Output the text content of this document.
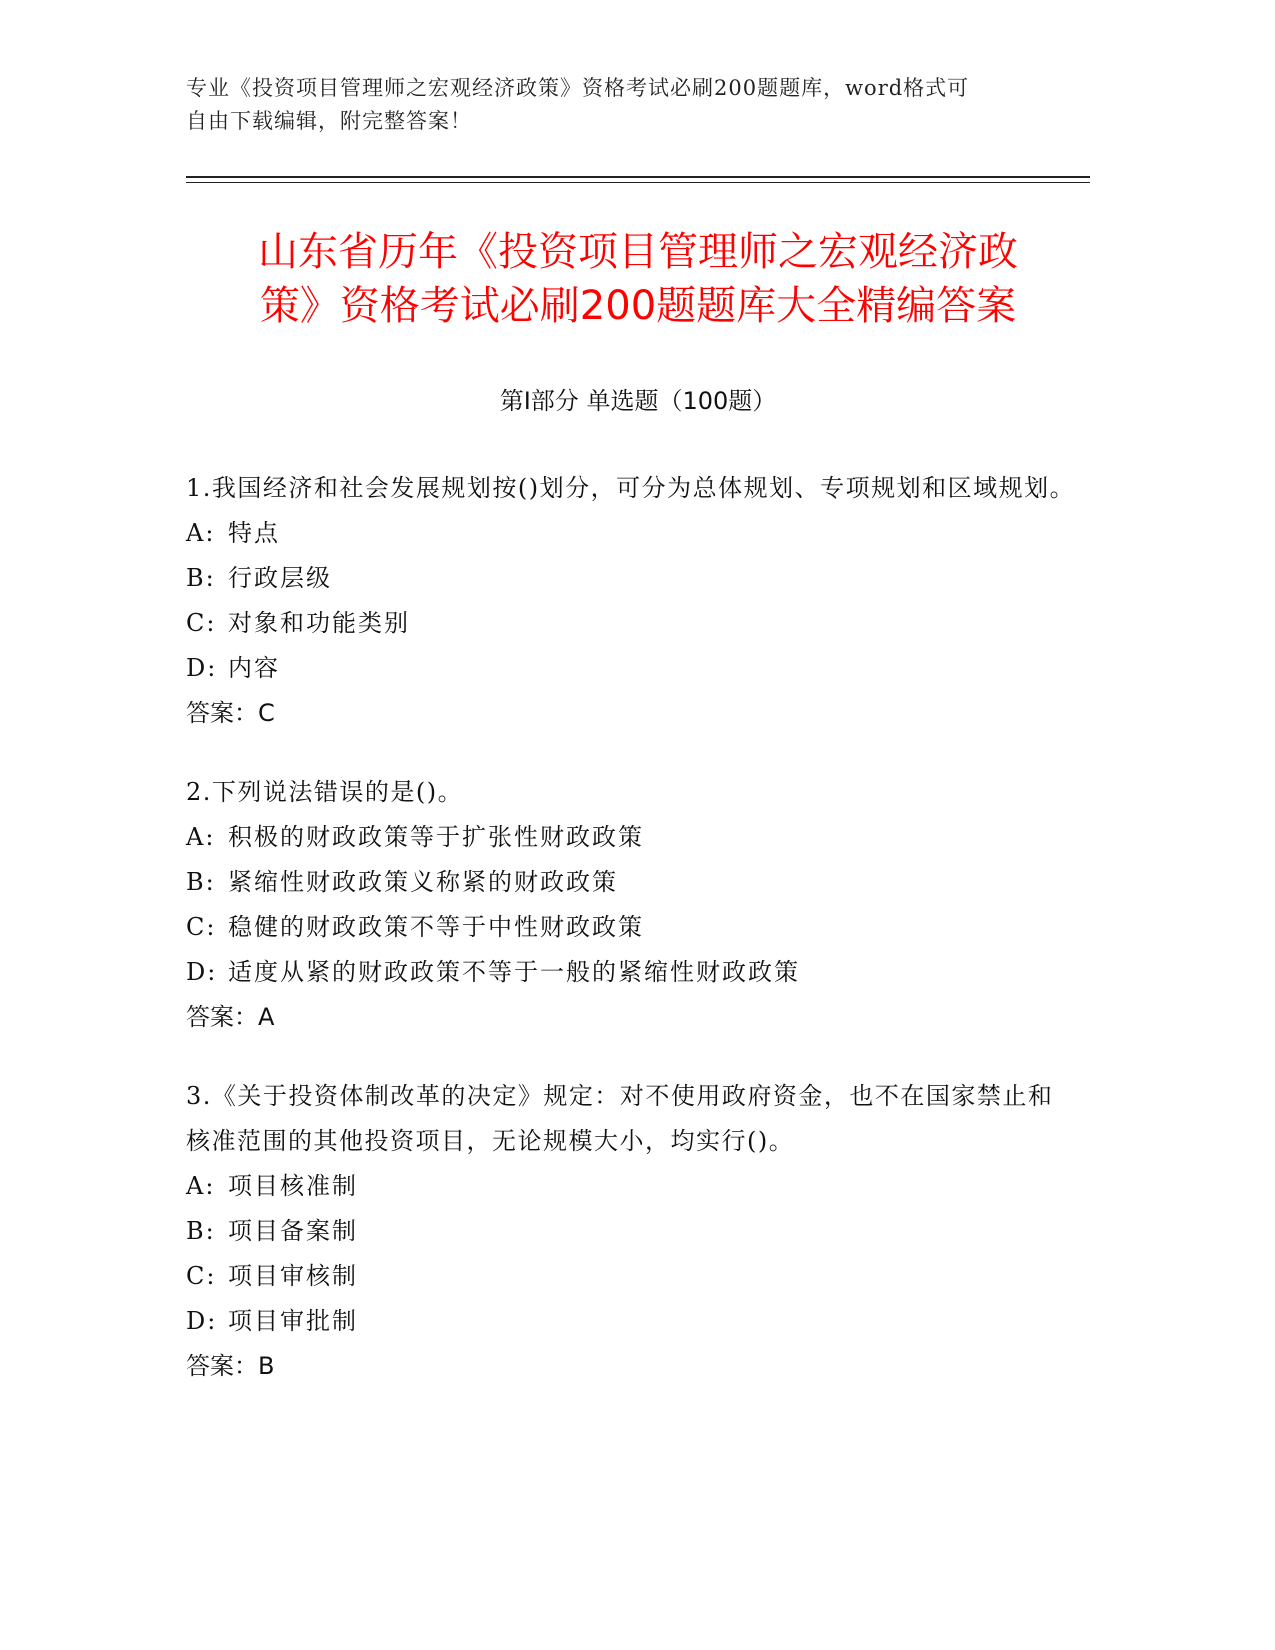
专业《投资项目管理师之宏观经济政策》资格考试必刷200题题库，word格式可
自由下载编辑，附完整答案！
山东省历年《投资项目管理师之宏观经济政
策》资格考试必刷200题题库大全精编答案
第Ⅰ部分 单选题（100题）
1.我国经济和社会发展规划按()划分，可分为总体规划、专项规划和区域规划。
A: 特点
B: 行政层级
C: 对象和功能类别
D: 内容
答案：C
2.下列说法错误的是()。
A: 积极的财政政策等于扩张性财政政策
B: 紧缩性财政政策义称紧的财政政策
C: 稳健的财政政策不等于中性财政政策
D: 适度从紧的财政政策不等于一般的紧缩性财政政策
答案：A
3.《关于投资体制改革的决定》规定：对不使用政府资金，也不在国家禁止和核准范围的其他投资项目，无论规模大小，均实行()。
A: 项目核准制
B: 项目备案制
C: 项目审核制
D: 项目审批制
答案：B
